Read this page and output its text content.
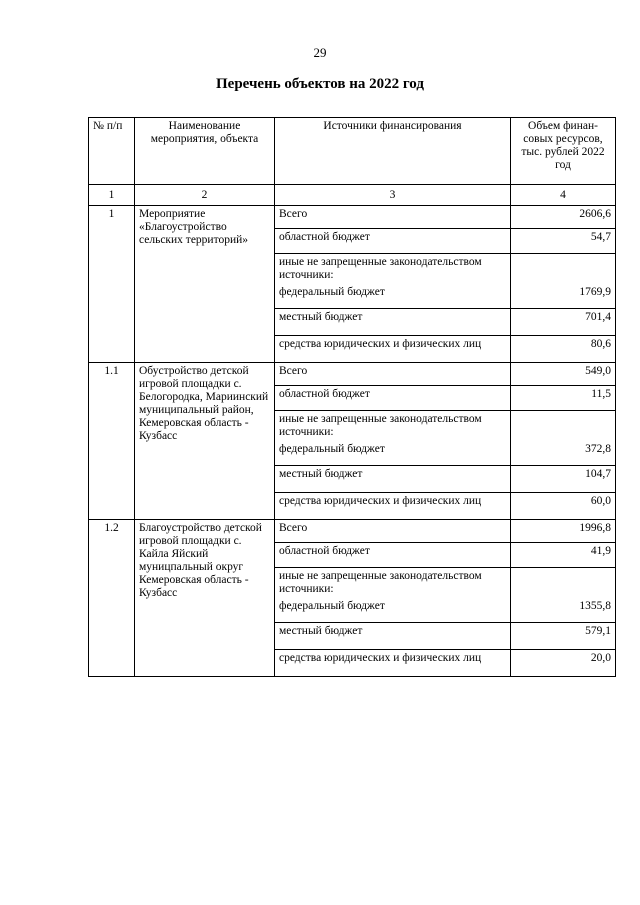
29
Перечень объектов на 2022 год
№ п/п	Наименование мероприятия, объекта	Источники финансирования	Объем финан-совых ресурсов, тыс. рублей 2022 год
1	2	3	4
1	Мероприятие «Благоустройство сельских территорий»	Всего	2606,6
		областной бюджет	54,7
		иные не запрещенные законодательством источники:	
		федеральный бюджет	1769,9
		местный бюджет	701,4
		средства юридических и физических лиц	80,6
1.1	Обустройство детской игровой площадки с. Белогородка, Мариинский муниципальный район, Кемеровская область - Кузбасс	Всего	549,0
		областной бюджет	11,5
		иные не запрещенные законодательством источники:	
		федеральный бюджет	372,8
		местный бюджет	104,7
		средства юридических и физических лиц	60,0
1.2	Благоустройство детской игровой площадки с. Кайла Яйский муницпальный округ Кемеровская область - Кузбасс	Всего	1996,8
		областной бюджет	41,9
		иные не запрещенные законодательством источники:	
		федеральный бюджет	1355,8
		местный бюджет	579,1
		средства юридических и физических лиц	20,0
